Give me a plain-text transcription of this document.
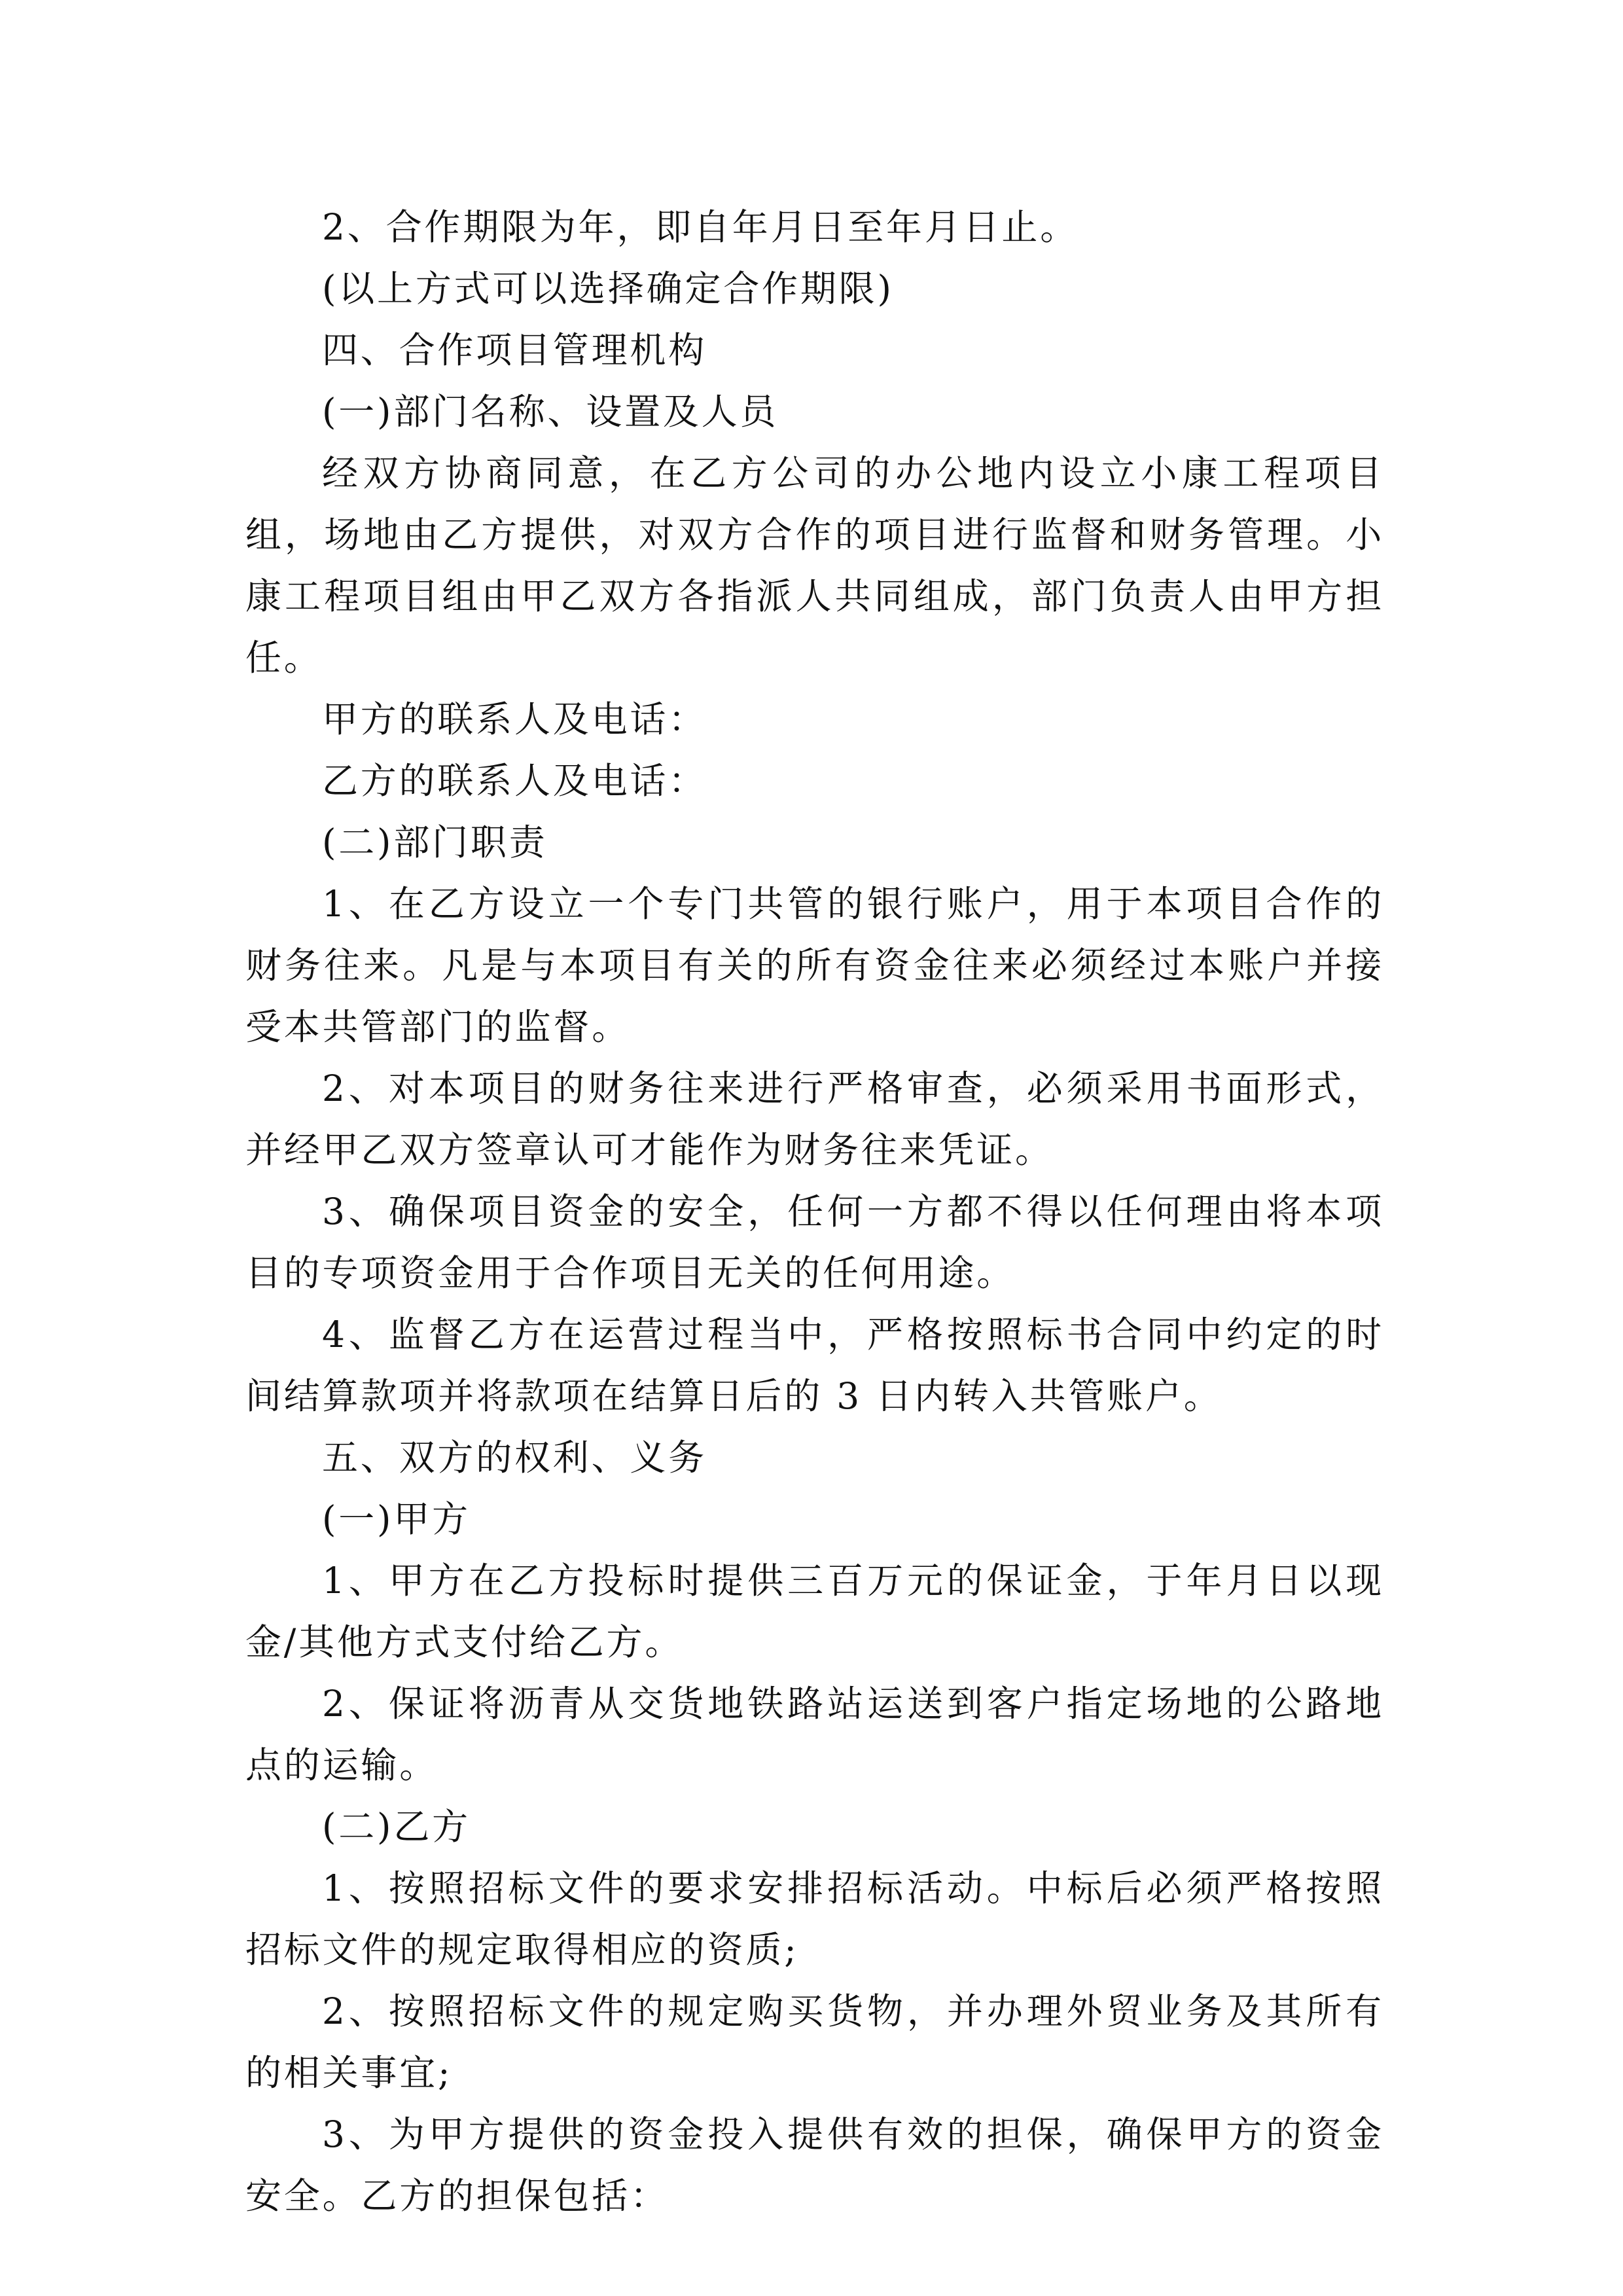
2、合作期限为年，即自年月日至年月日止。

(以上方式可以选择确定合作期限)

四、合作项目管理机构

(一)部门名称、设置及人员

经双方协商同意，在乙方公司的办公地内设立小康工程项目组，场地由乙方提供，对双方合作的项目进行监督和财务管理。小康工程项目组由甲乙双方各指派人共同组成，部门负责人由甲方担任。

甲方的联系人及电话：

乙方的联系人及电话：

(二)部门职责

1、在乙方设立一个专门共管的银行账户，用于本项目合作的财务往来。凡是与本项目有关的所有资金往来必须经过本账户并接受本共管部门的监督。

2、对本项目的财务往来进行严格审查，必须采用书面形式，并经甲乙双方签章认可才能作为财务往来凭证。

3、确保项目资金的安全，任何一方都不得以任何理由将本项目的专项资金用于合作项目无关的任何用途。

4、监督乙方在运营过程当中，严格按照标书合同中约定的时间结算款项并将款项在结算日后的 3 日内转入共管账户。

五、双方的权利、义务

(一)甲方

1、甲方在乙方投标时提供三百万元的保证金，于年月日以现金/其他方式支付给乙方。

2、保证将沥青从交货地铁路站运送到客户指定场地的公路地点的运输。

(二)乙方

1、按照招标文件的要求安排招标活动。中标后必须严格按照招标文件的规定取得相应的资质;

2、按照招标文件的规定购买货物，并办理外贸业务及其所有的相关事宜;

3、为甲方提供的资金投入提供有效的担保，确保甲方的资金安全。乙方的担保包括：
